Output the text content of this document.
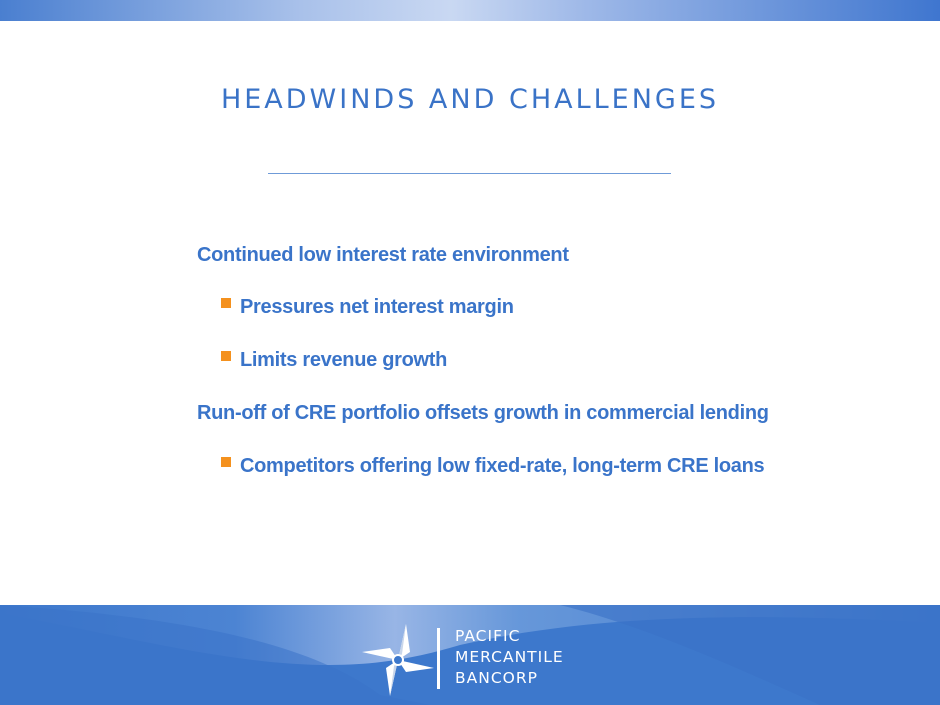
HEADWINDS AND CHALLENGES
Continued low interest rate environment
Pressures net interest margin
Limits revenue growth
Run-off of CRE portfolio offsets growth in commercial lending
Competitors offering low fixed-rate, long-term CRE loans
PACIFIC
MERCANTILE
BANCORP
